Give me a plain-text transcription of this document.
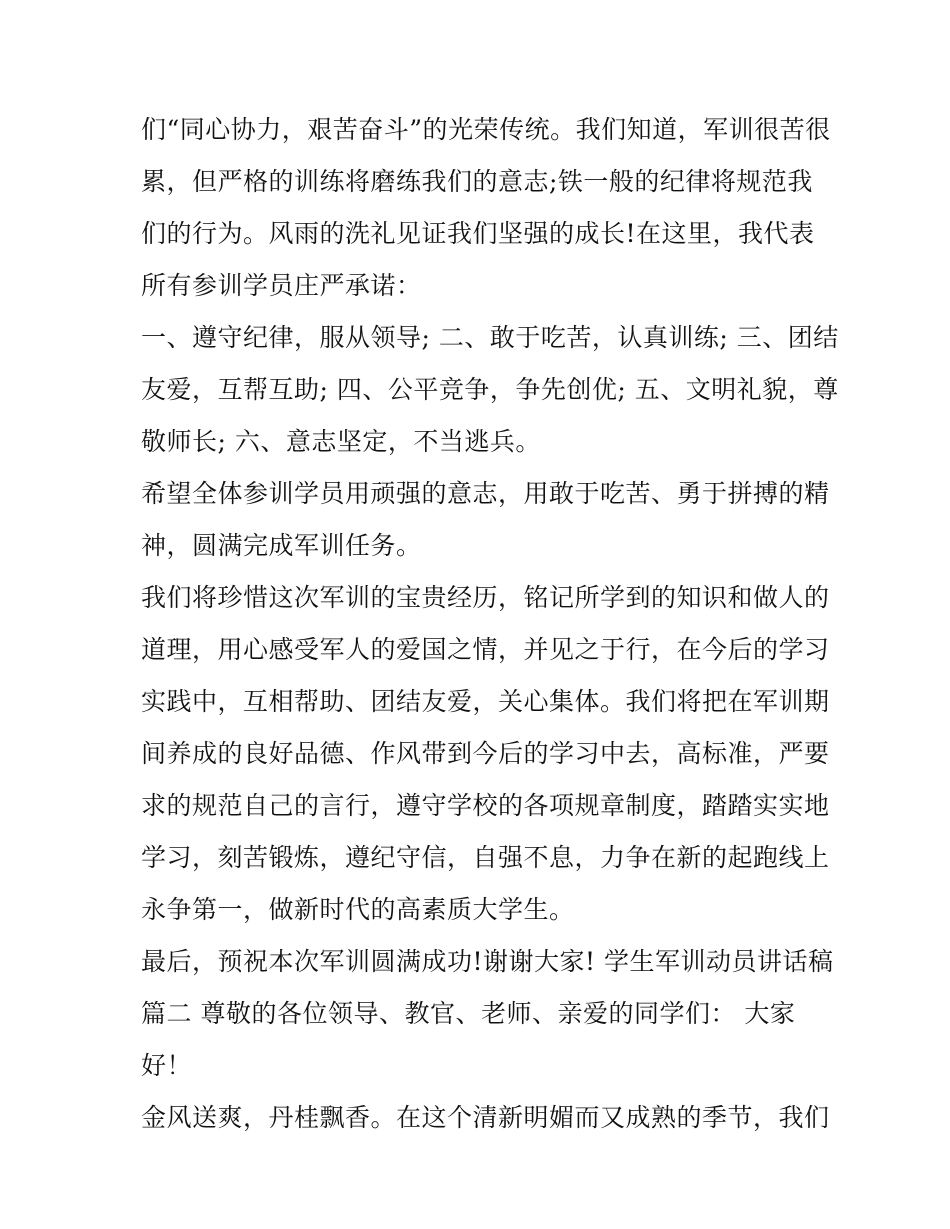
们“同心协力，艰苦奋斗”的光荣传统。我们知道，军训很苦很
累，但严格的训练将磨练我们的意志;铁一般的纪律将规范我
们的行为。风雨的洗礼见证我们坚强的成长!在这里，我代表
所有参训学员庄严承诺：
一、遵守纪律，服从领导; 二、敢于吃苦，认真训练; 三、团结
友爱，互帮互助; 四、公平竞争，争先创优; 五、文明礼貌，尊
敬师长; 六、意志坚定，不当逃兵。
希望全体参训学员用顽强的意志，用敢于吃苦、勇于拼搏的精
神，圆满完成军训任务。
我们将珍惜这次军训的宝贵经历，铭记所学到的知识和做人的
道理，用心感受军人的爱国之情，并见之于行，在今后的学习
实践中，互相帮助、团结友爱，关心集体。我们将把在军训期
间养成的良好品德、作风带到今后的学习中去，高标准，严要
求的规范自己的言行，遵守学校的各项规章制度，踏踏实实地
学习，刻苦锻炼，遵纪守信，自强不息，力争在新的起跑线上
永争第一，做新时代的高素质大学生。
最后，预祝本次军训圆满成功!谢谢大家! 学生军训动员讲话稿
篇二 尊敬的各位领导、教官、老师、亲爱的同学们： 大家
好！
金风送爽，丹桂飘香。在这个清新明媚而又成熟的季节，我们
